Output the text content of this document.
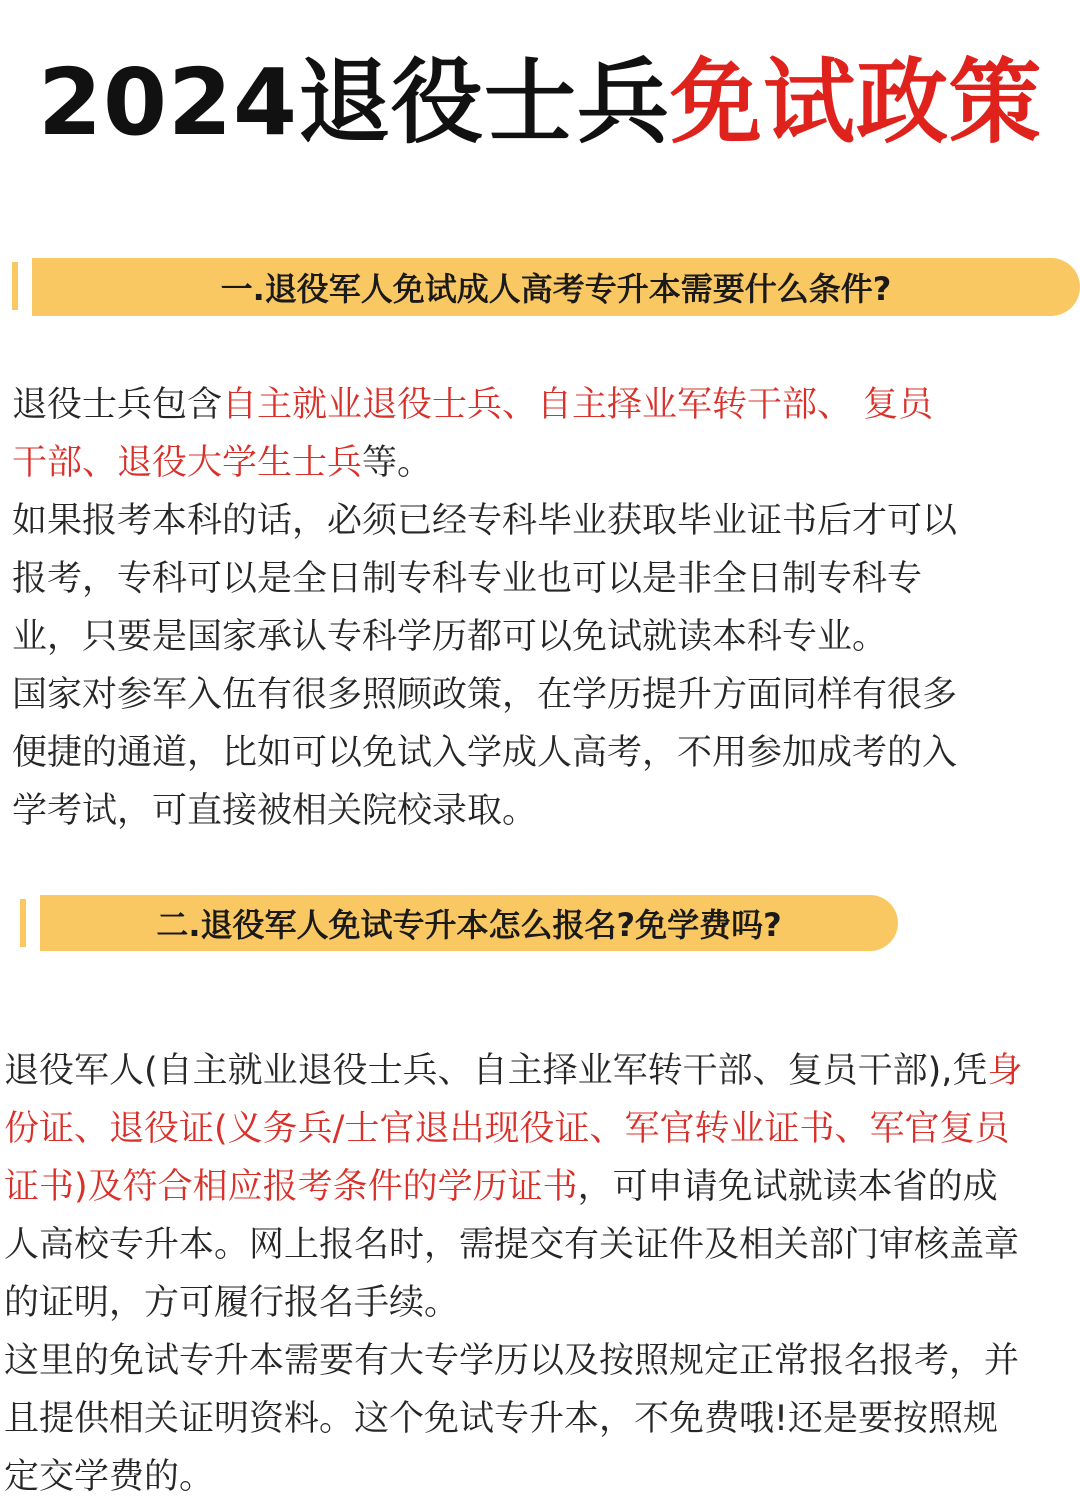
2024退役士兵免试政策
一.退役军人免试成人高考专升本需要什么条件?
退役士兵包含自主就业退役士兵、自主择业军转干部、 复员
干部、退役大学生士兵等。
如果报考本科的话，必须已经专科毕业获取毕业证书后才可以
报考，专科可以是全日制专科专业也可以是非全日制专科专
业，只要是国家承认专科学历都可以免试就读本科专业。
国家对参军入伍有很多照顾政策，在学历提升方面同样有很多
便捷的通道，比如可以免试入学成人高考，不用参加成考的入
学考试，可直接被相关院校录取。
二.退役军人免试专升本怎么报名?免学费吗?
退役军人(自主就业退役士兵、自主择业军转干部、复员干部),凭身
份证、退役证(义务兵/士官退出现役证、军官转业证书、军官复员
证书)及符合相应报考条件的学历证书，可申请免试就读本省的成
人高校专升本。网上报名时，需提交有关证件及相关部门审核盖章
的证明，方可履行报名手续。
这里的免试专升本需要有大专学历以及按照规定正常报名报考，并
且提供相关证明资料。这个免试专升本，不免费哦!还是要按照规
定交学费的。
